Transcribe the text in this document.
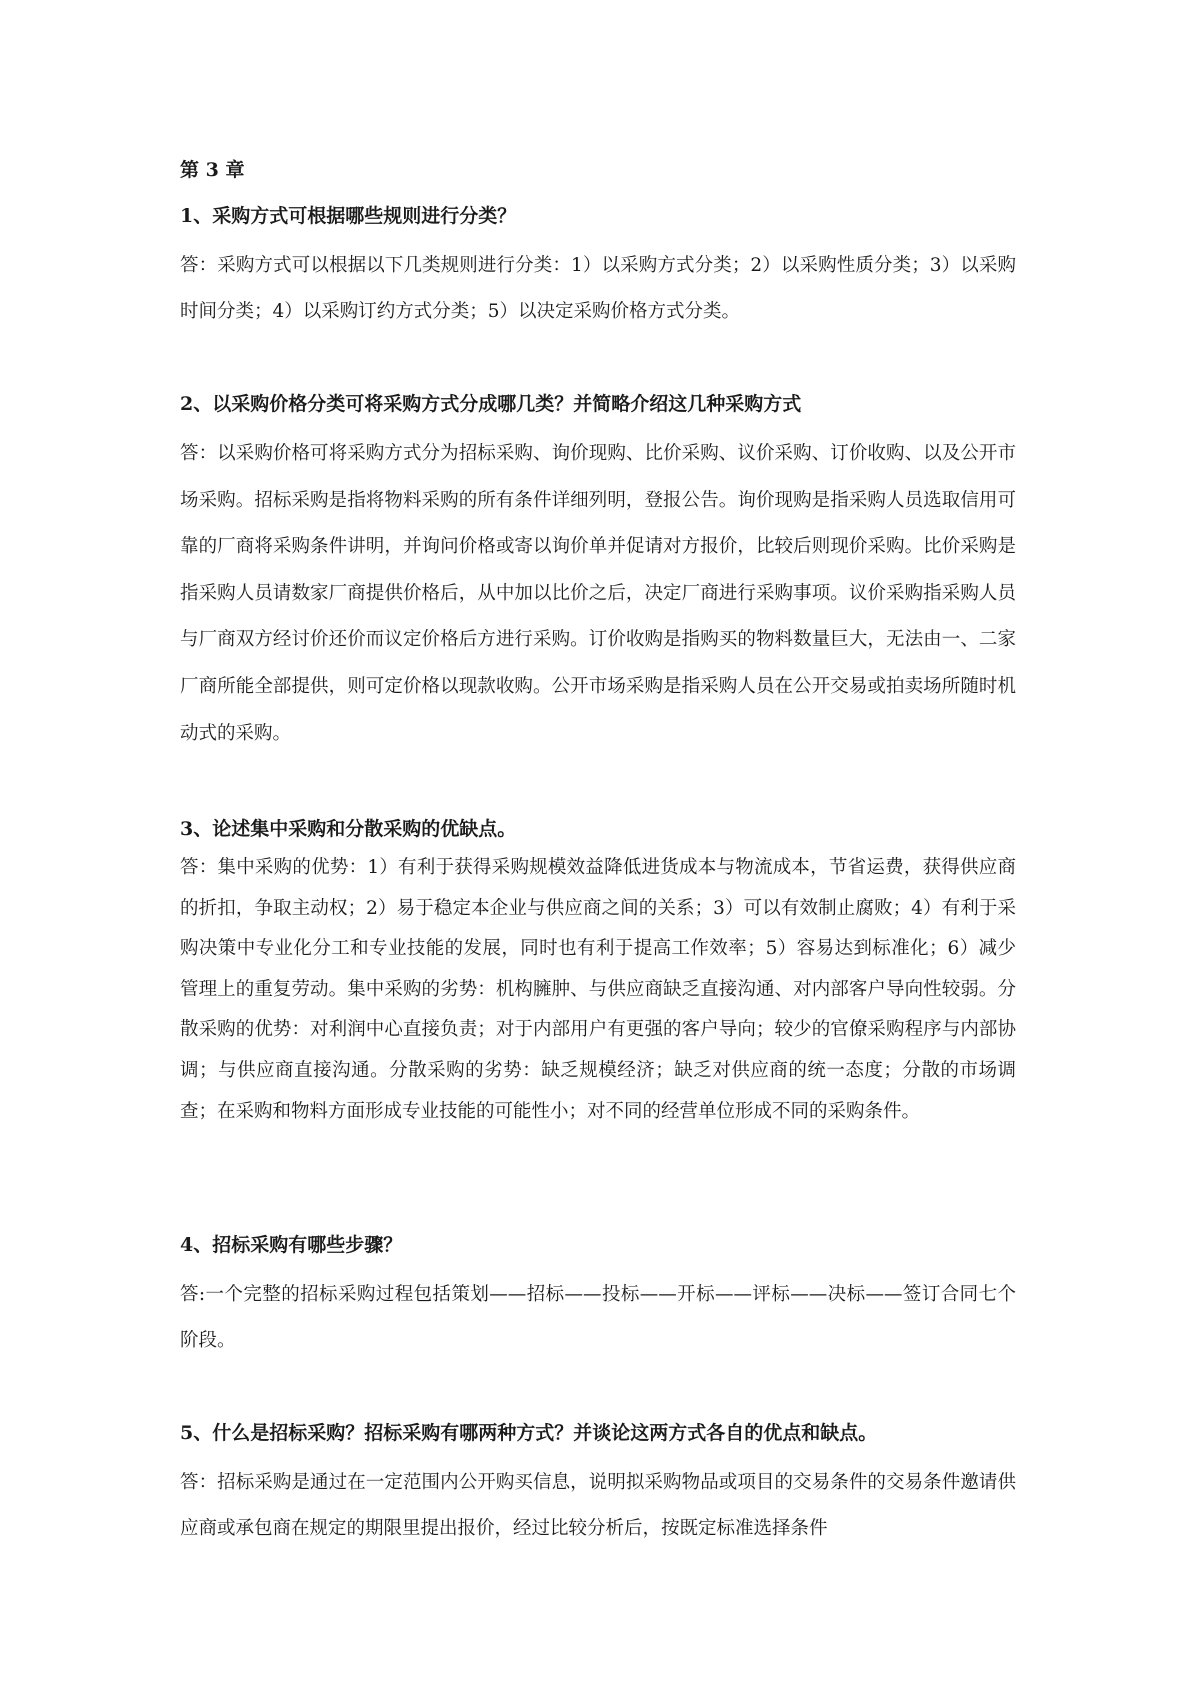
第 3 章

1、采购方式可根据哪些规则进行分类？

答：采购方式可以根据以下几类规则进行分类：1）以采购方式分类；2）以采购性质分类；3）以采购时间分类；4）以采购订约方式分类；5）以决定采购价格方式分类。

2、以采购价格分类可将采购方式分成哪几类？并简略介绍这几种采购方式

答：以采购价格可将采购方式分为招标采购、询价现购、比价采购、议价采购、订价收购、以及公开市场采购。招标采购是指将物料采购的所有条件详细列明，登报公告。询价现购是指采购人员选取信用可靠的厂商将采购条件讲明，并询问价格或寄以询价单并促请对方报价，比较后则现价采购。比价采购是指采购人员请数家厂商提供价格后，从中加以比价之后，决定厂商进行采购事项。议价采购指采购人员与厂商双方经讨价还价而议定价格后方进行采购。订价收购是指购买的物料数量巨大，无法由一、二家厂商所能全部提供，则可定价格以现款收购。公开市场采购是指采购人员在公开交易或拍卖场所随时机动式的采购。

3、论述集中采购和分散采购的优缺点。

答：集中采购的优势：1）有利于获得采购规模效益降低进货成本与物流成本，节省运费，获得供应商的折扣，争取主动权；2）易于稳定本企业与供应商之间的关系；3）可以有效制止腐败；4）有利于采购决策中专业化分工和专业技能的发展，同时也有利于提高工作效率；5）容易达到标准化；6）减少管理上的重复劳动。集中采购的劣势：机构臃肿、与供应商缺乏直接沟通、对内部客户导向性较弱。分散采购的优势：对利润中心直接负责；对于内部用户有更强的客户导向；较少的官僚采购程序与内部协调；与供应商直接沟通。分散采购的劣势：缺乏规模经济；缺乏对供应商的统一态度；分散的市场调查；在采购和物料方面形成专业技能的可能性小；对不同的经营单位形成不同的采购条件。

4、招标采购有哪些步骤？

答:一个完整的招标采购过程包括策划——招标——投标——开标——评标——决标——签订合同七个阶段。

5、什么是招标采购？招标采购有哪两种方式？并谈论这两方式各自的优点和缺点。

答：招标采购是通过在一定范围内公开购买信息，说明拟采购物品或项目的交易条件的交易条件邀请供应商或承包商在规定的期限里提出报价，经过比较分析后，按既定标准选择条件
